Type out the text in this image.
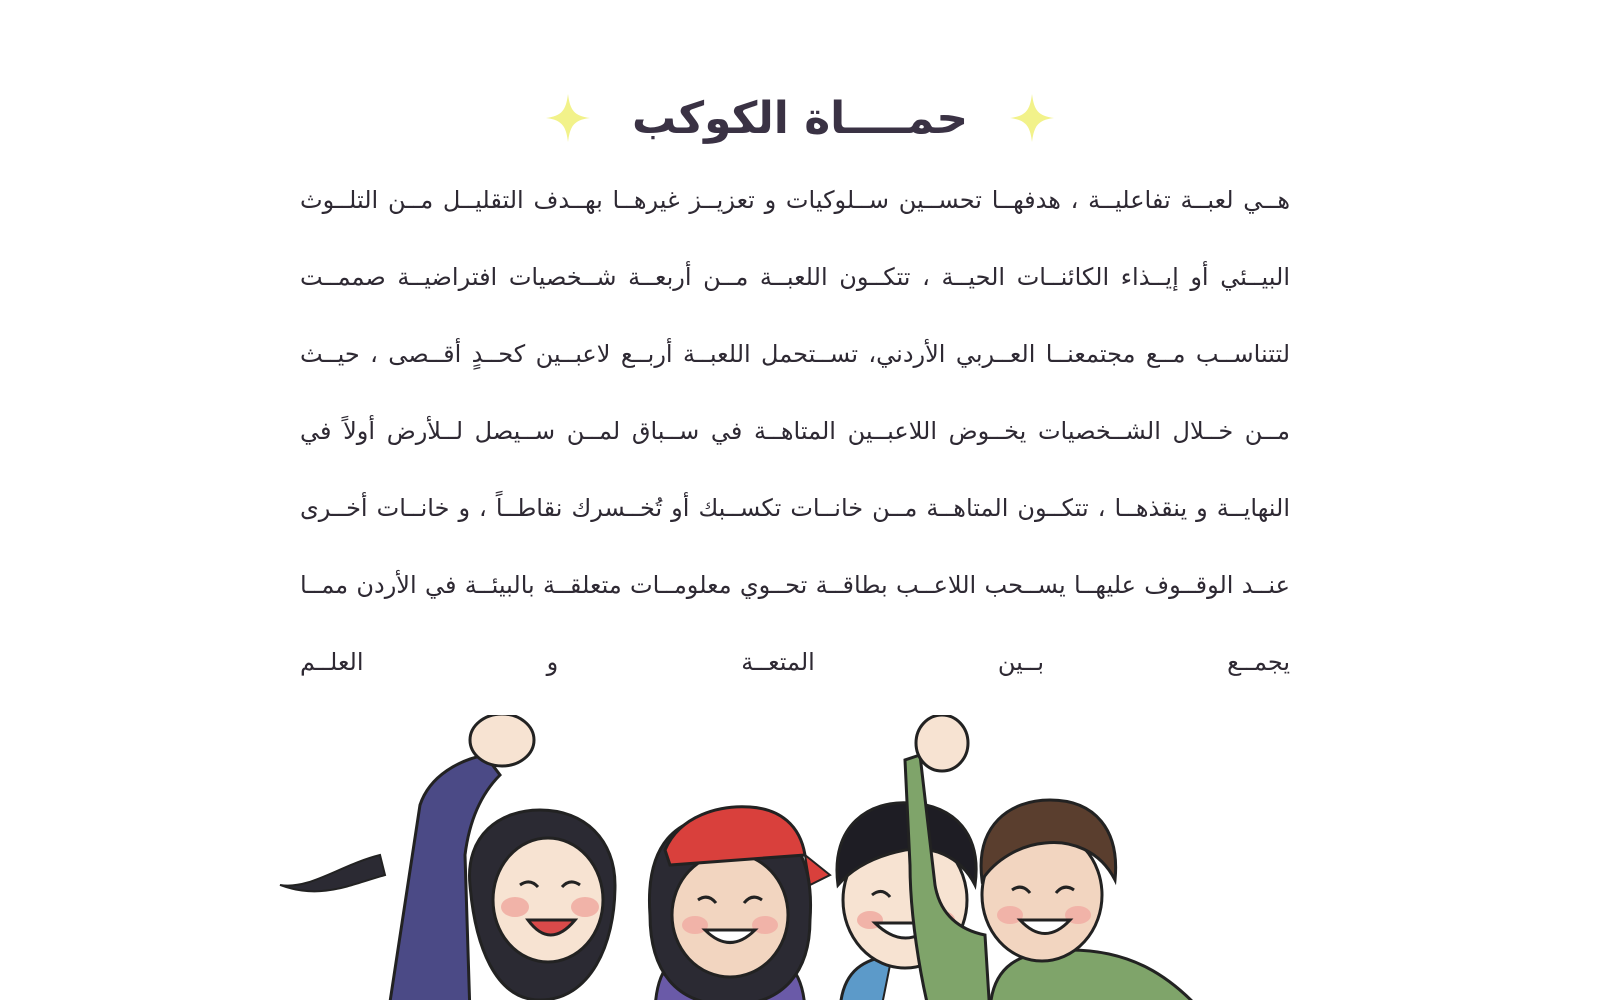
حمــــاة الكوكب
هــي لعبــة تفاعليــة ، هدفهــا تحســين ســلوكيات و تعزيــز غيرهــا بهــدف التقليــل مــن التلــوث
البيــئي أو إيــذاء الكائنــات الحيــة ، تتكــون اللعبــة مــن أربعــة شــخصيات افتراضيــة صممــت
لتتناســب مــع مجتمعنــا العــربي الأردني، تســتحمل اللعبــة أربــع لاعبــين كحــدٍ أقــصى ، حيــث
مــن خــلال الشــخصيات يخــوض اللاعبــين المتاهــة في ســباق لمــن ســيصل لــلأرض أولاً في
النهايــة و ينقذهــا ، تتكــون المتاهــة مــن خانــات تكســبك أو تُخــسرك نقاطــاً ، و خانــات أخــرى
عنــد الوقــوف عليهــا يســحب اللاعــب بطاقــة تحــوي معلومــات متعلقــة بالبيئــة في الأردن ممــا
يجمــع بــين المتعــة و العلــم
